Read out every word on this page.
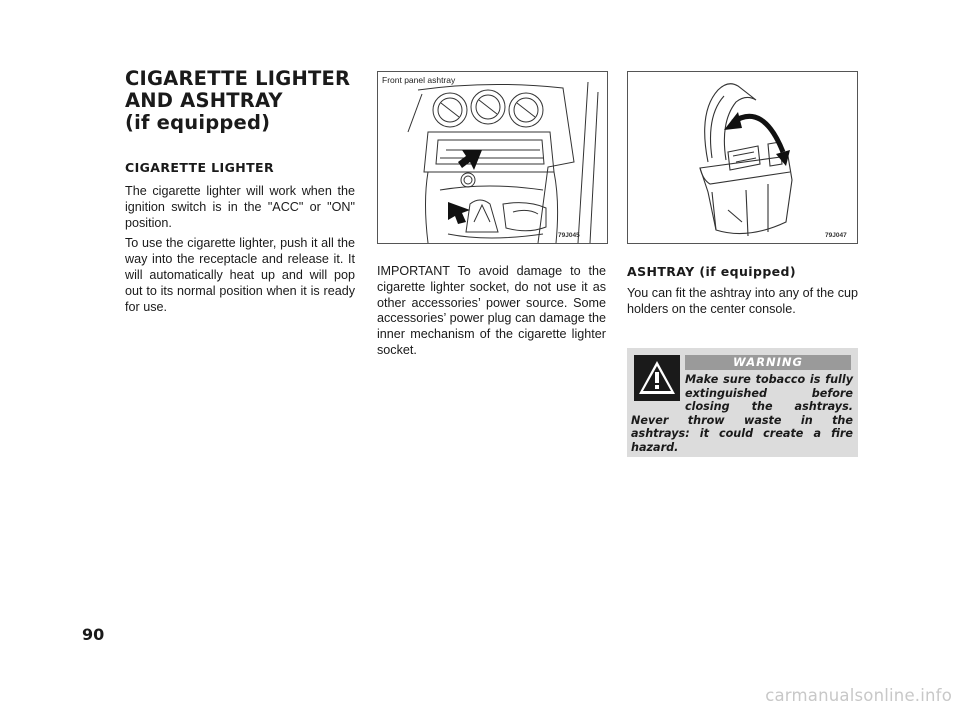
CIGARETTE LIGHTER
AND ASHTRAY
(if equipped)
CIGARETTE LIGHTER

The cigarette lighter will work when the ignition switch is in the "ACC" or "ON" position.

To use the cigarette lighter, push it all the way into the receptacle and release it. It will automatically heat up and will pop out to its normal position when it is ready for use.

Front panel ashtray
79J045

IMPORTANT To avoid damage to the cigarette lighter socket, do not use it as other accessories’ power source. Some accessories’ power plug can damage the inner mechanism of the cigarette lighter socket.

79J047
ASHTRAY (if equipped)

You can fit the ashtray into any of the cup holders on the center console.

WARNING
Make sure tobacco is fully extinguished before closing the ashtrays. Never throw waste in the ashtrays: it could create a fire hazard.
90
carmanualsonline.info
